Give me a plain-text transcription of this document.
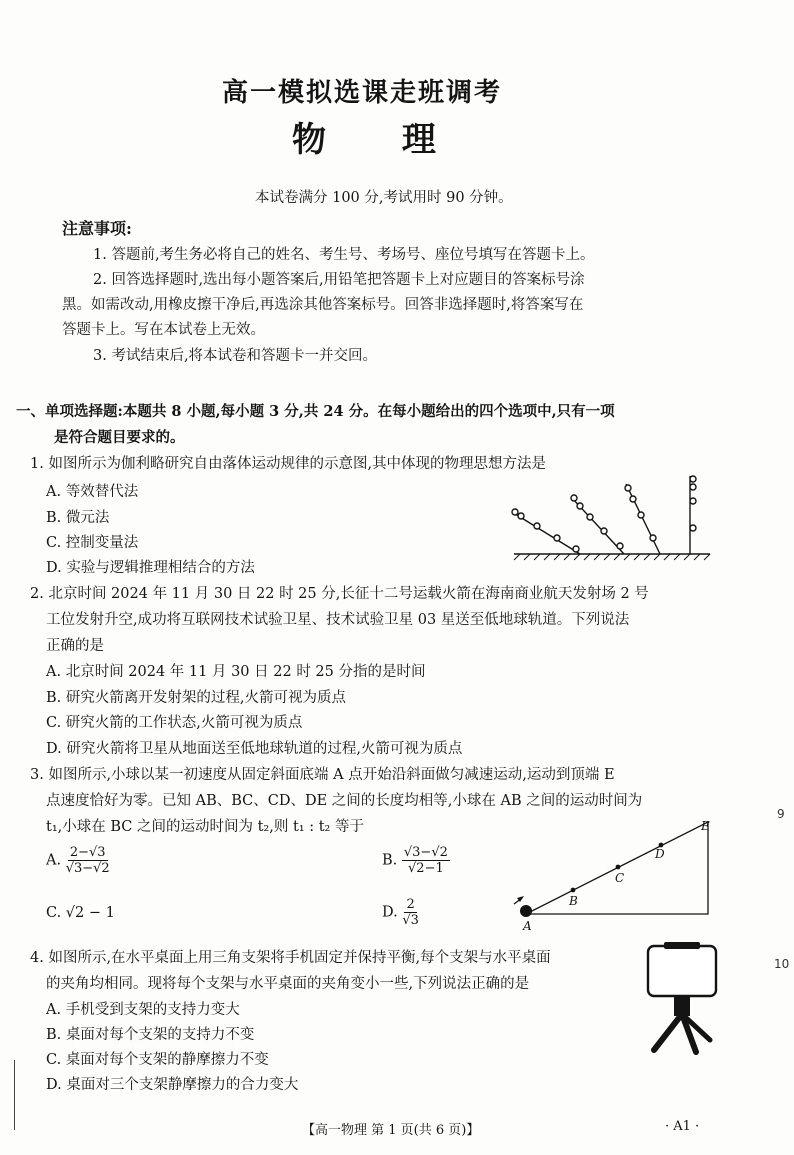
高一模拟选课走班调考
物 理
本试卷满分 100 分,考试用时 90 分钟。
注意事项:
1. 答题前,考生务必将自己的姓名、考生号、考场号、座位号填写在答题卡上。
2. 回答选择题时,选出每小题答案后,用铅笔把答题卡上对应题目的答案标号涂
黑。如需改动,用橡皮擦干净后,再选涂其他答案标号。回答非选择题时,将答案写在
答题卡上。写在本试卷上无效。
3. 考试结束后,将本试卷和答题卡一并交回。
一、单项选择题:本题共 8 小题,每小题 3 分,共 24 分。在每小题给出的四个选项中,只有一项
是符合题目要求的。
1. 如图所示为伽利略研究自由落体运动规律的示意图,其中体现的物理思想方法是
A. 等效替代法
B. 微元法
C. 控制变量法
D. 实验与逻辑推理相结合的方法
2. 北京时间 2024 年 11 月 30 日 22 时 25 分,长征十二号运载火箭在海南商业航天发射场 2 号
工位发射升空,成功将互联网技术试验卫星、技术试验卫星 03 星送至低地球轨道。下列说法
正确的是
A. 北京时间 2024 年 11 月 30 日 22 时 25 分指的是时间
B. 研究火箭离开发射架的过程,火箭可视为质点
C. 研究火箭的工作状态,火箭可视为质点
D. 研究火箭将卫星从地面送至低地球轨道的过程,火箭可视为质点
3. 如图所示,小球以某一初速度从固定斜面底端 A 点开始沿斜面做匀减速运动,运动到顶端 E
点速度恰好为零。已知 AB、BC、CD、DE 之间的长度均相等,小球在 AB 之间的运动时间为
t₁,小球在 BC 之间的运动时间为 t₂,则 t₁ : t₂ 等于
A. $\frac{2-√3}{√3-√2}$	B. $\frac{√3-√2}{√2-1}$
C. √2 − 1	D. $\frac{2}{√3}$	A
B
C
D
E
4. 如图所示,在水平桌面上用三角支架将手机固定并保持平衡,每个支架与水平桌面
的夹角均相同。现将每个支架与水平桌面的夹角变小一些,下列说法正确的是
A. 手机受到支架的支持力变大
B. 桌面对每个支架的支持力不变
C. 桌面对每个支架的静摩擦力不变
D. 桌面对三个支架静摩擦力的合力变大
【高一物理 第 1 页(共 6 页)】	· A1 ·
9
10
